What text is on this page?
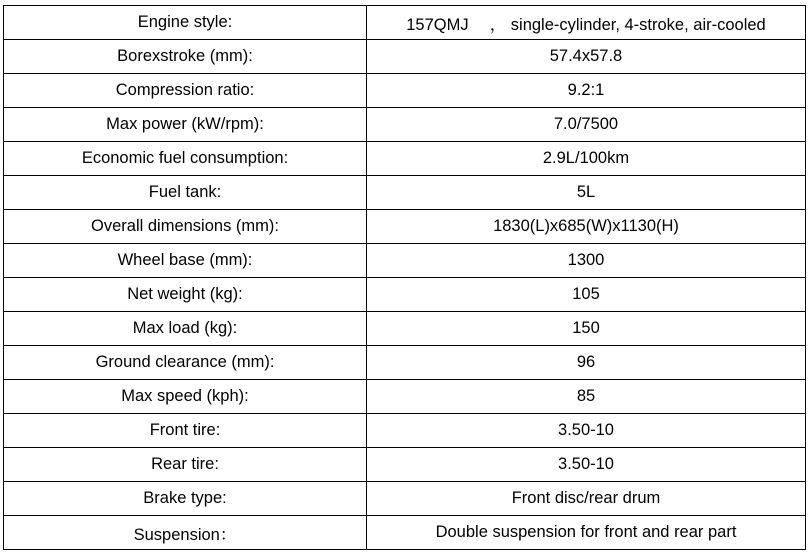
Engine style:	157QMJ 　， single-cylinder, 4-stroke, air-cooled
Borexstroke (mm):	57.4x57.8
Compression ratio:	9.2:1
Max power (kW/rpm):	7.0/7500
Economic fuel consumption:	2.9L/100km
Fuel tank:	5L
Overall dimensions (mm):	1830(L)x685(W)x1130(H)
Wheel base (mm):	1300
Net weight (kg):	105
Max load (kg):	150
Ground clearance (mm):	96
Max speed (kph):	85
Front tire:	3.50-10
Rear tire:	3.50-10
Brake type:	Front disc/rear drum
Suspension：	Double suspension for front and rear part
